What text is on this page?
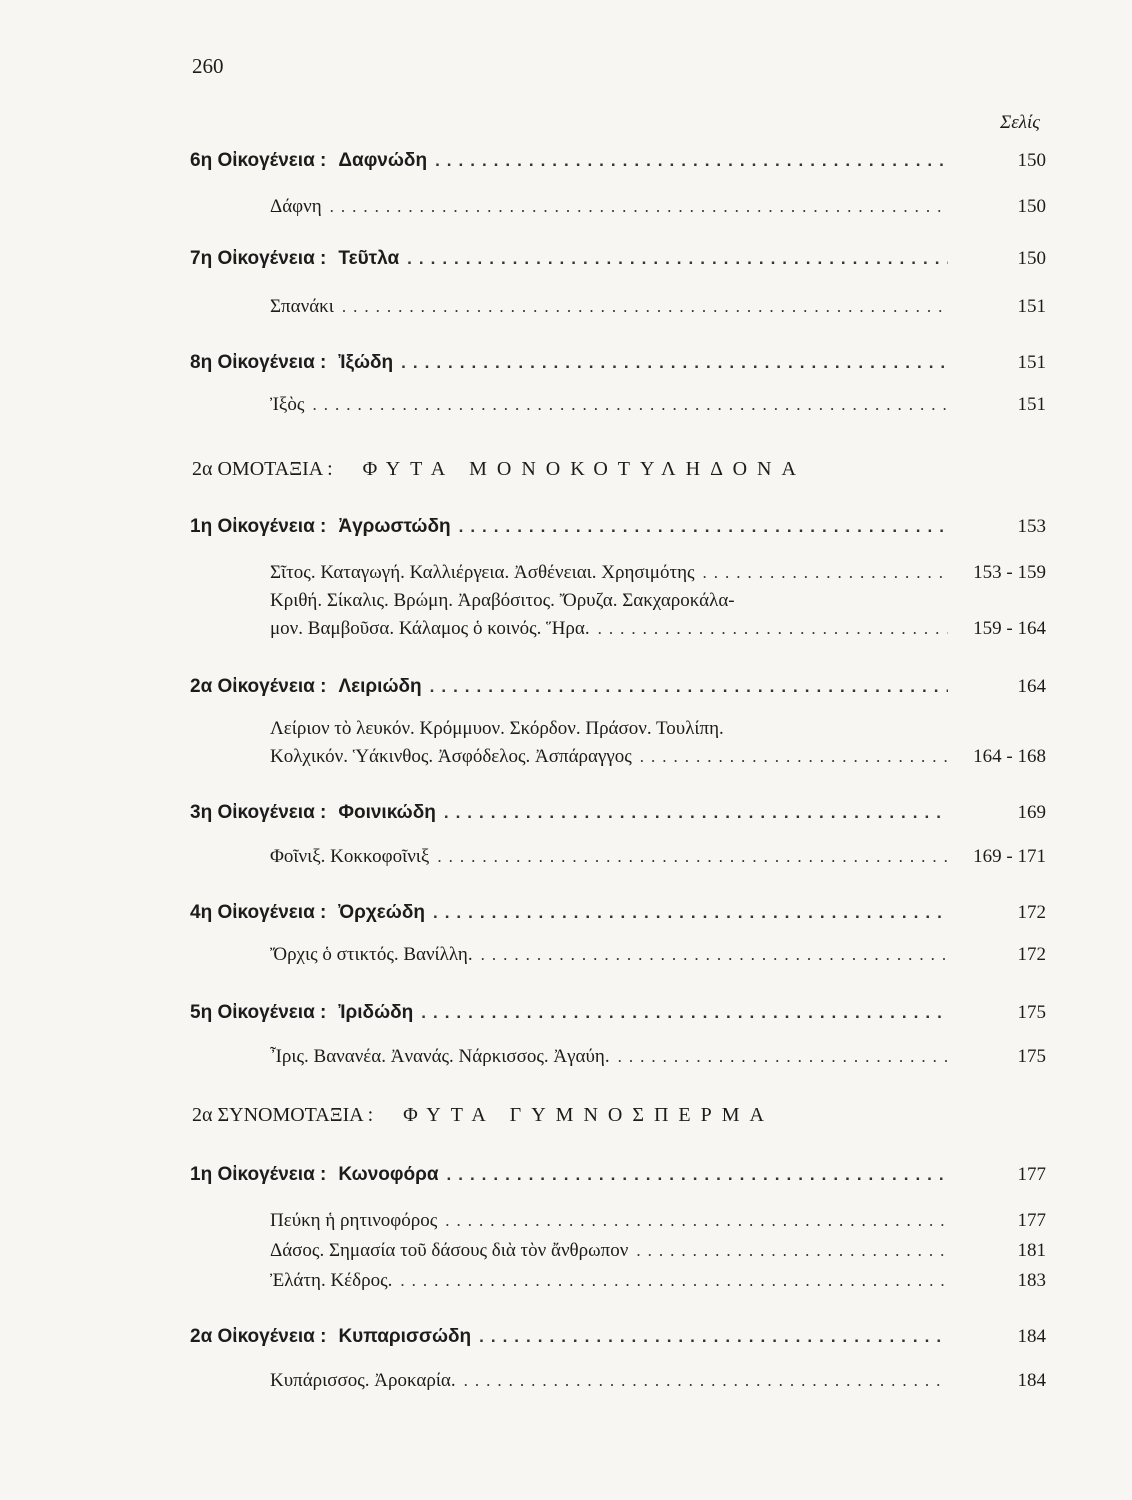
260
Σελίς
6η Οἰκογένεια : Δαφνώδη .....	150
Δάφνη .....	150
7η Οἰκογένεια : Τεῦτλα .....	150
Σπανάκι .....	151
8η Οἰκογένεια : Ἰξώδη .....	151
Ἰξὸς .....	151
2α ΟΜΟΤΑΞΙΑ : ΦΥΤΑ ΜΟΝΟΚΟΤΥΛΗΔΟΝΑ
1η Οἰκογένεια : Ἀγρωστώδη .....	153
Σῖτος. Καταγωγή. Καλλιέργεια. Ἀσθένειαι. Χρησιμότης .....	153 - 159
Κριθή. Σίκαλις. Βρώμη. Ἀραβόσιτος. Ὄρυζα. Σακχαροκάλα-
μον. Βαμβοῦσα. Κάλαμος ὁ κοινός. Ἥρα. .....	159 - 164
2α Οἰκογένεια : Λειριώδη .....	164
Λείριον τὸ λευκόν. Κρόμμυον. Σκόρδον. Πράσον. Τουλίπη.
Κολχικόν. Ὑάκινθος. Ἀσφόδελος. Ἀσπάραγγος .....	164 - 168
3η Οἰκογένεια : Φοινικώδη .....	169
Φοῖνιξ. Κοκκοφοῖνιξ .....	169 - 171
4η Οἰκογένεια : Ὀρχεώδη .....	172
Ὄρχις ὁ στικτός. Βανίλλη. .....	172
5η Οἰκογένεια : Ἰριδώδη .....	175
Ἶρις. Βανανέα. Ἀνανάς. Νάρκισσος. Ἀγαύη. .....	175
2α ΣΥΝΟΜΟΤΑΞΙΑ : ΦΥΤΑ ΓΥΜΝΟΣΠΕΡΜΑ
1η Οἰκογένεια : Κωνοφόρα .....	177
Πεύκη ἡ ρητινοφόρος .....	177
Δάσος. Σημασία τοῦ δάσους διὰ τὸν ἄνθρωπον .....	181
Ἐλάτη. Κέδρος. .....	183
2α Οἰκογένεια : Κυπαρισσώδη .....	184
Κυπάρισσος. Ἀροκαρία. .....	184
